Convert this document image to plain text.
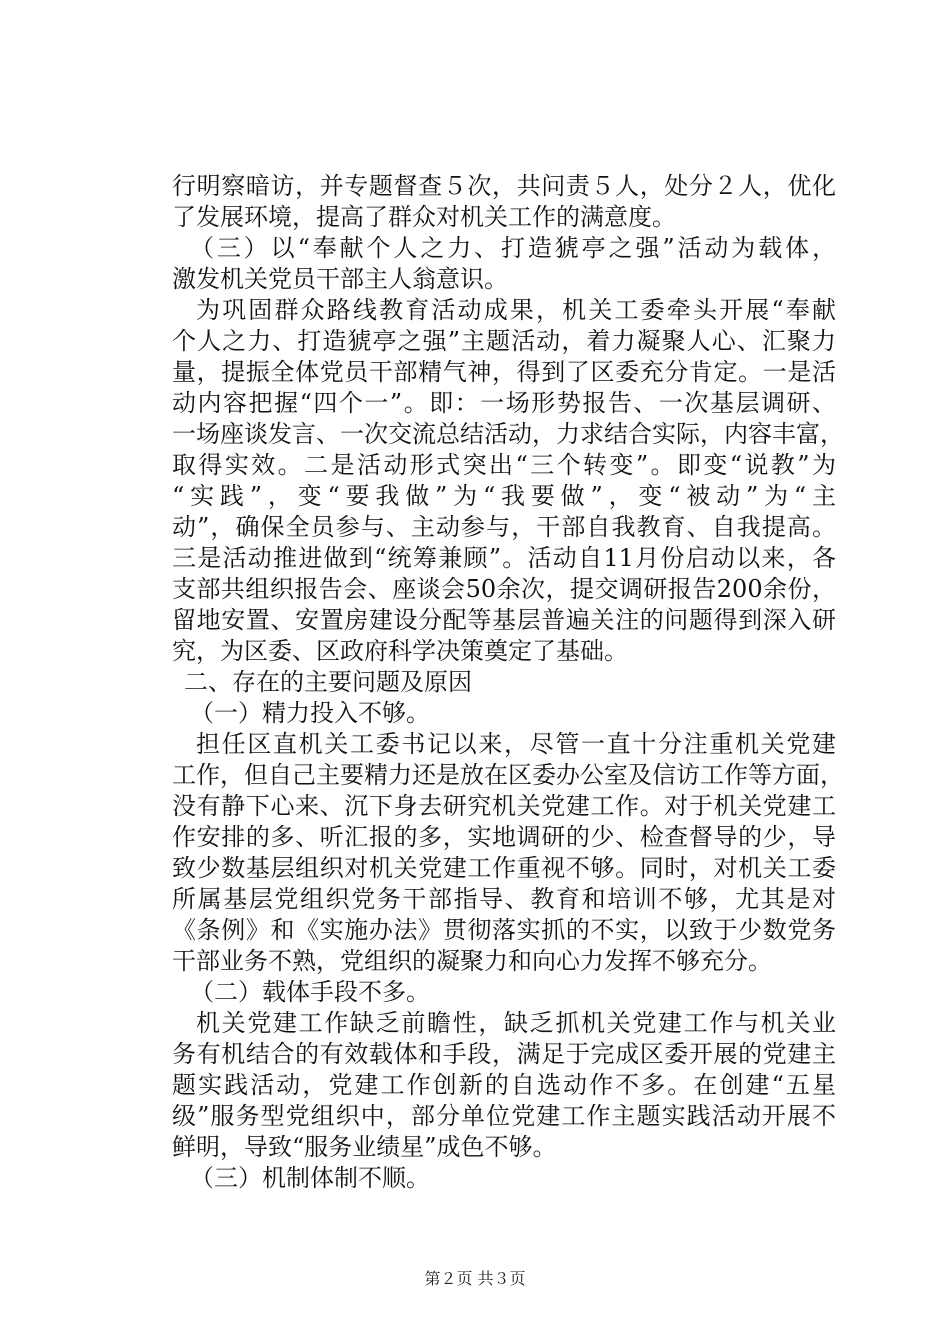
行明察暗访，并专题督查５次，共问责５人，处分２人，优化
了发展环境，提高了群众对机关工作的满意度。
（三）以“奉献个人之力、打造猇亭之强”活动为载体，
激发机关党员干部主人翁意识。
为巩固群众路线教育活动成果，机关工委牵头开展“奉献
个人之力、打造猇亭之强”主题活动，着力凝聚人心、汇聚力
量，提振全体党员干部精气神，得到了区委充分肯定。一是活
动内容把握“四个一”。即：一场形势报告、一次基层调研、
一场座谈发言、一次交流总结活动，力求结合实际，内容丰富，
取得实效。二是活动形式突出“三个转变”。即变“说教”为
“实践”，变“要我做”为“我要做”，变“被动”为“主
动”，确保全员参与、主动参与，干部自我教育、自我提高。
三是活动推进做到“统筹兼顾”。活动自11月份启动以来，各
支部共组织报告会、座谈会50余次，提交调研报告200余份，
留地安置、安置房建设分配等基层普遍关注的问题得到深入研
究，为区委、区政府科学决策奠定了基础。
二、存在的主要问题及原因
（一）精力投入不够。
担任区直机关工委书记以来，尽管一直十分注重机关党建
工作，但自己主要精力还是放在区委办公室及信访工作等方面，
没有静下心来、沉下身去研究机关党建工作。对于机关党建工
作安排的多、听汇报的多，实地调研的少、检查督导的少，导
致少数基层组织对机关党建工作重视不够。同时，对机关工委
所属基层党组织党务干部指导、教育和培训不够，尤其是对
《条例》和《实施办法》贯彻落实抓的不实，以致于少数党务
干部业务不熟，党组织的凝聚力和向心力发挥不够充分。
（二）载体手段不多。
机关党建工作缺乏前瞻性，缺乏抓机关党建工作与机关业
务有机结合的有效载体和手段，满足于完成区委开展的党建主
题实践活动，党建工作创新的自选动作不多。在创建“五星
级”服务型党组织中，部分单位党建工作主题实践活动开展不
鲜明，导致“服务业绩星”成色不够。
（三）机制体制不顺。
第２页 共３页
